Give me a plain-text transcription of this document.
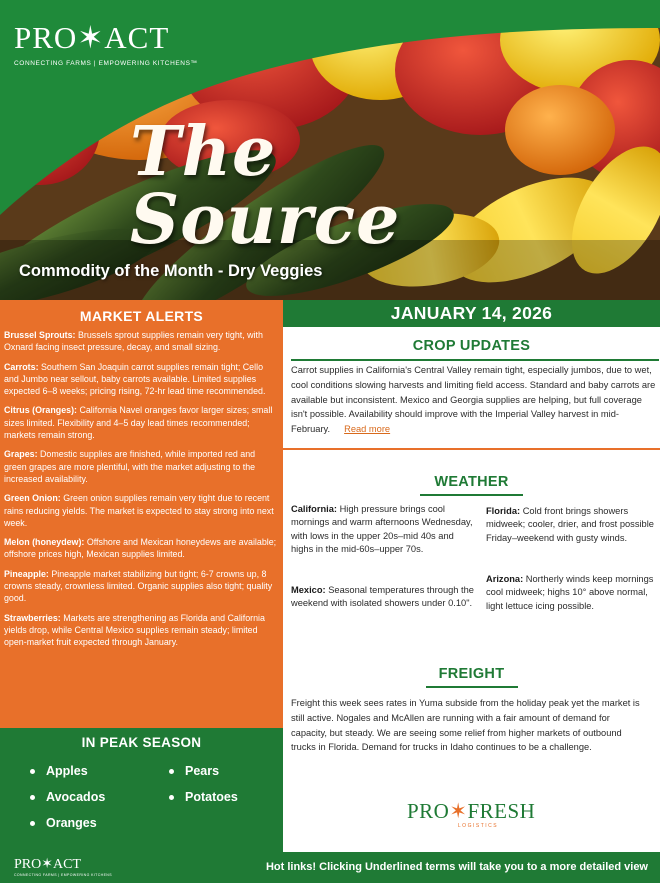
PRO✶ACT
CONNECTING FARMS | EMPOWERING KITCHENS™
The Source
Commodity of the Month - Dry Veggies
MARKET ALERTS
Brussel Sprouts: Brussels sprout supplies remain very tight, with Oxnard facing insect pressure, decay, and small sizing.
Carrots: Southern San Joaquin carrot supplies remain tight; Cello and Jumbo near sellout, baby carrots available. Limited supplies expected 6–8 weeks; pricing rising, 72-hr lead time recommended.
Citrus (Oranges): California Navel oranges favor larger sizes; small sizes limited. Flexibility and 4–5 day lead times recommended; markets remain strong.
Grapes: Domestic supplies are finished, while imported red and green grapes are more plentiful, with the market adjusting to the increased availability.
Green Onion: Green onion supplies remain very tight due to recent rains reducing yields. The market is expected to stay strong into next week.
Melon (honeydew): Offshore and Mexican honeydews are available; offshore prices high, Mexican supplies limited.
Pineapple: Pineapple market stabilizing but tight; 6-7 crowns up, 8 crowns steady, crownless limited. Organic supplies also tight; quality good.
Strawberries: Markets are strengthening as Florida and California yields drop, while Central Mexico supplies remain steady; limited open-market fruit expected through January.
IN PEAK SEASON
Apples
Avocados
Oranges
Pears
Potatoes
JANUARY 14, 2026
CROP UPDATES
Carrot supplies in California's Central Valley remain tight, especially jumbos, due to wet, cool conditions slowing harvests and limiting field access. Standard and baby carrots are available but inconsistent. Mexico and Georgia supplies are helping, but full coverage isn't possible. Availability should improve with the Imperial Valley harvest in mid-February. Read more
WEATHER
California: High pressure brings cool mornings and warm afternoons Wednesday, with lows in the upper 20s–mid 40s and highs in the mid-60s–upper 70s.
Mexico: Seasonal temperatures through the weekend with isolated showers under 0.10".
Florida: Cold front brings showers midweek; cooler, drier, and frost possible Friday–weekend with gusty winds.
Arizona: Northerly winds keep mornings cool midweek; highs 10° above normal, light lettuce icing possible.
FREIGHT
Freight this week sees rates in Yuma subside from the holiday peak yet the market is still active. Nogales and McAllen are running with a fair amount of demand for capacity, but steady. We are seeing some relief from higher markets of outbound trucks in Florida. Demand for trucks in Idaho continues to be a challenge.
PRO✶FRESH
LOGISTICS
PRO✶ACT
CONNECTING FARMS | EMPOWERING KITCHENS
Hot links! Clicking Underlined terms will take you to a more detailed view
